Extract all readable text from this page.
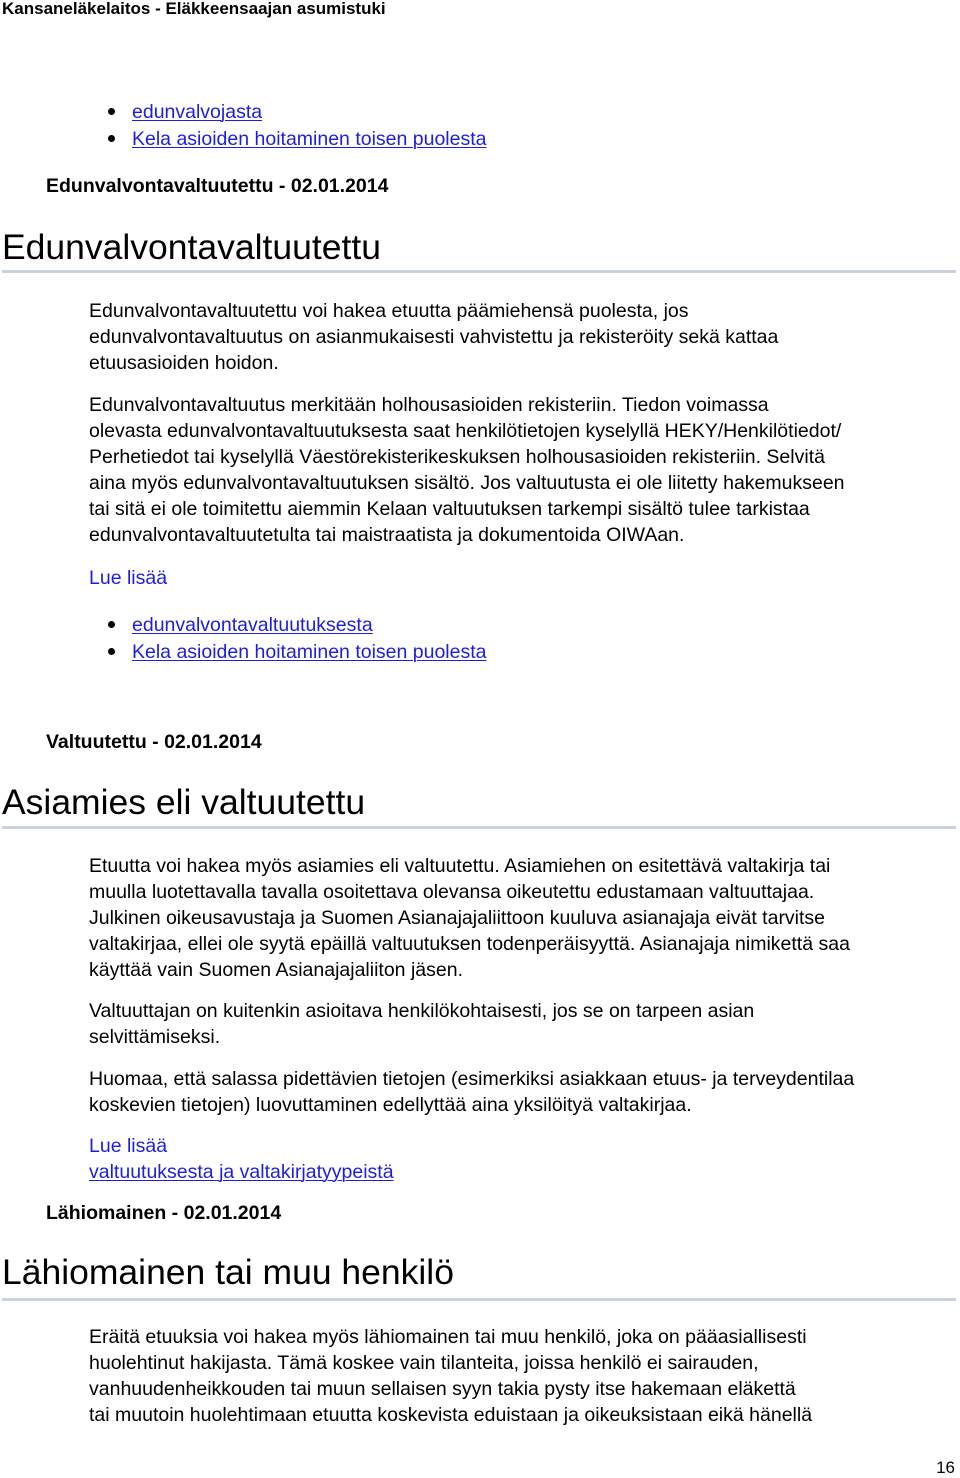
Kansaneläkelaitos - Eläkkeensaajan asumistuki
edunvalvojasta
Kela asioiden hoitaminen toisen puolesta
Edunvalvontavaltuutettu - 02.01.2014
Edunvalvontavaltuutettu

Edunvalvontavaltuutettu voi hakea etuutta päämiehensä puolesta, jos
edunvalvontavaltuutus on asianmukaisesti vahvistettu ja rekisteröity sekä kattaa
etuusasioiden hoidon.

Edunvalvontavaltuutus merkitään holhousasioiden rekisteriin. Tiedon voimassa
olevasta edunvalvontavaltuutuksesta saat henkilötietojen kyselyllä HEKY/Henkilötiedot/
Perhetiedot tai kyselyllä Väestörekisterikeskuksen holhousasioiden rekisteriin. Selvitä
aina myös edunvalvontavaltuutuksen sisältö. Jos valtuutusta ei ole liitetty hakemukseen
tai sitä ei ole toimitettu aiemmin Kelaan valtuutuksen tarkempi sisältö tulee tarkistaa
edunvalvontavaltuutetulta tai maistraatista ja dokumentoida OIWAan.

Lue lisää
edunvalvontavaltuutuksesta
Kela asioiden hoitaminen toisen puolesta
Valtuutettu - 02.01.2014
Asiamies eli valtuutettu

Etuutta voi hakea myös asiamies eli valtuutettu. Asiamiehen on esitettävä valtakirja tai
muulla luotettavalla tavalla osoitettava olevansa oikeutettu edustamaan valtuuttajaa.
Julkinen oikeusavustaja ja Suomen Asianajajaliittoon kuuluva asianajaja eivät tarvitse
valtakirjaa, ellei ole syytä epäillä valtuutuksen todenperäisyyttä. Asianajaja nimikettä saa
käyttää vain Suomen Asianajajaliiton jäsen.

Valtuuttajan on kuitenkin asioitava henkilökohtaisesti, jos se on tarpeen asian
selvittämiseksi.

Huomaa, että salassa pidettävien tietojen (esimerkiksi asiakkaan etuus- ja terveydentilaa
koskevien tietojen) luovuttaminen edellyttää aina yksilöityä valtakirjaa.

Lue lisää
valtuutuksesta ja valtakirjatyypeistä
Lähiomainen - 02.01.2014
Lähiomainen tai muu henkilö

Eräitä etuuksia voi hakea myös lähiomainen tai muu henkilö, joka on pääasiallisesti
huolehtinut hakijasta. Tämä koskee vain tilanteita, joissa henkilö ei sairauden,
vanhuudenheikkouden tai muun sellaisen syyn takia pysty itse hakemaan eläkettä
tai muutoin huolehtimaan etuutta koskevista eduistaan ja oikeuksistaan eikä hänellä

16
